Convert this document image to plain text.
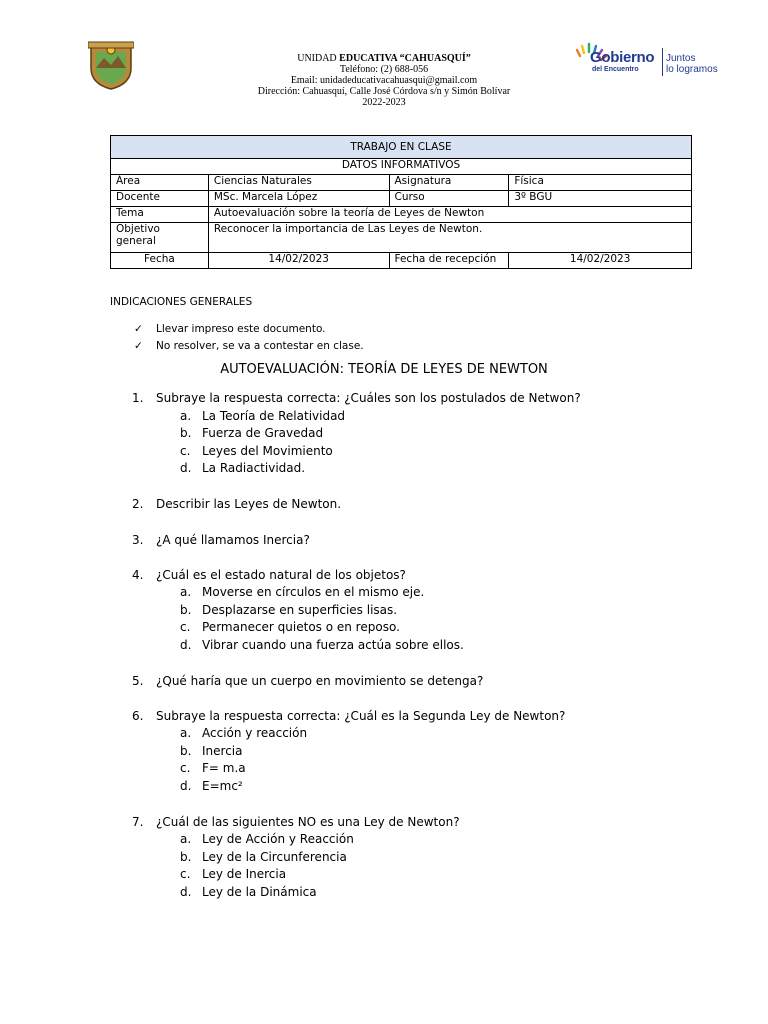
UNIDAD EDUCATIVA “CAHUASQUÍ”
Teléfono: (2) 688-056
Email: unidadeducativacahuasqui@gmail.com
Dirección: Cahuasquí, Calle José Córdova s/n y Simón Bolívar
2022-2023
Gobierno
del Encuentro
Juntos
lo logramos
TRABAJO EN CLASE			
DATOS INFORMATIVOS			
Área	Ciencias Naturales	Asignatura	Física
Docente	MSc. Marcela López	Curso	3º BGU
Tema	Autoevaluación sobre la teoría de Leyes de Newton		
Objetivo general	Reconocer la importancia de Las Leyes de Newton.		
Fecha	14/02/2023	Fecha de recepción	14/02/2023
INDICACIONES GENERALES
✓	Llevar impreso este documento.
✓	No resolver, se va a contestar en clase.
AUTOEVALUACIÓN: TEORÍA DE LEYES DE NEWTON
1. Subraye la respuesta correcta: ¿Cuáles son los postulados de Netwon?
a. La Teoría de Relatividad
b. Fuerza de Gravedad
c. Leyes del Movimiento
d. La Radiactividad.
2. Describir las Leyes de Newton.
3. ¿A qué llamamos Inercia?
4. ¿Cuál es el estado natural de los objetos?
a. Moverse en círculos en el mismo eje.
b. Desplazarse en superficies lisas.
c. Permanecer quietos o en reposo.
d. Vibrar cuando una fuerza actúa sobre ellos.
5. ¿Qué haría que un cuerpo en movimiento se detenga?
6. Subraye la respuesta correcta: ¿Cuál es la Segunda Ley de Newton?
a. Acción y reacción
b. Inercia
c. F= m.a
d. E=mc²
7. ¿Cuál de las siguientes NO es una Ley de Newton?
a. Ley de Acción y Reacción
b. Ley de la Circunferencia
c. Ley de Inercia
d. Ley de la Dinámica
